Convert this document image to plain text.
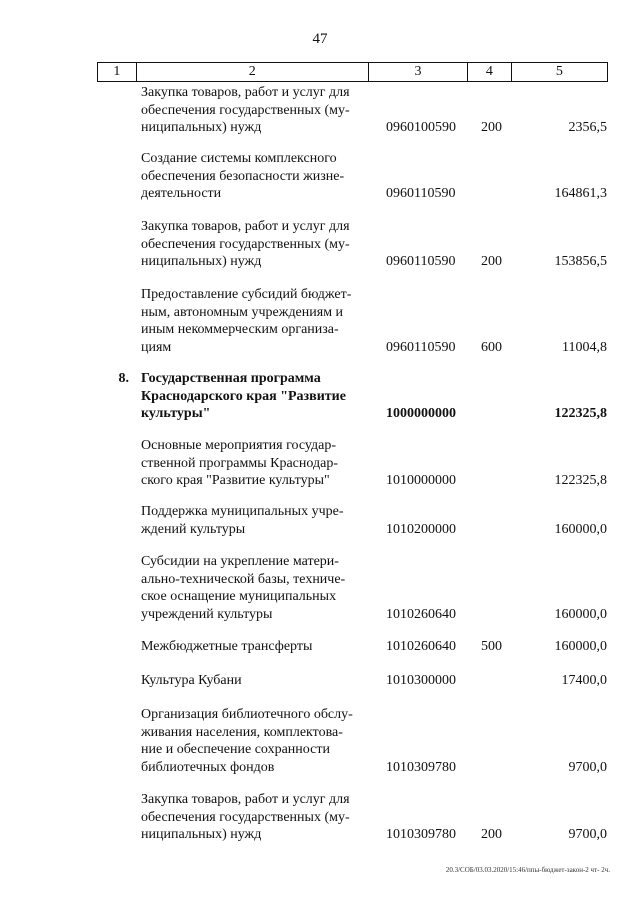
47
1	2	3	4	5
Закупка товаров, работ и услуг для
обеспечения государственных (му-
ниципальных) нужд	0960100590 200	2356,5
Создание системы комплексного
обеспечения безопасности жизне-
деятельности	0960110590	164861,3
Закупка товаров, работ и услуг для
обеспечения государственных (му-
ниципальных) нужд	0960110590 200	153856,5
Предоставление субсидий бюджет-
ным, автономным учреждениям и
иным некоммерческим организа-
циям	0960110590 600	11004,8
8. Государственная программа
Краснодарского края "Развитие
культуры"	1000000000	122325,8
Основные мероприятия государ-
ственной программы Краснодар-
ского края "Развитие культуры"	1010000000	122325,8
Поддержка муниципальных учре-
ждений культуры	1010200000	160000,0
Субсидии на укрепление матери-
ально-технической базы, техниче-
ское оснащение муниципальных
учреждений культуры	1010260640	160000,0
Межбюджетные трансферты	1010260640 500	160000,0
Культура Кубани	1010300000	17400,0
Организация библиотечного обслу-
живания населения, комплектова-
ние и обеспечение сохранности
библиотечных фондов	1010309780	9700,0
Закупка товаров, работ и услуг для
обеспечения государственных (му-
ниципальных) нужд	1010309780 200	9700,0
20.3/СОБ/03.03.2020/15:46/ппы-бюджет-закон-2 чт- 2ч.
